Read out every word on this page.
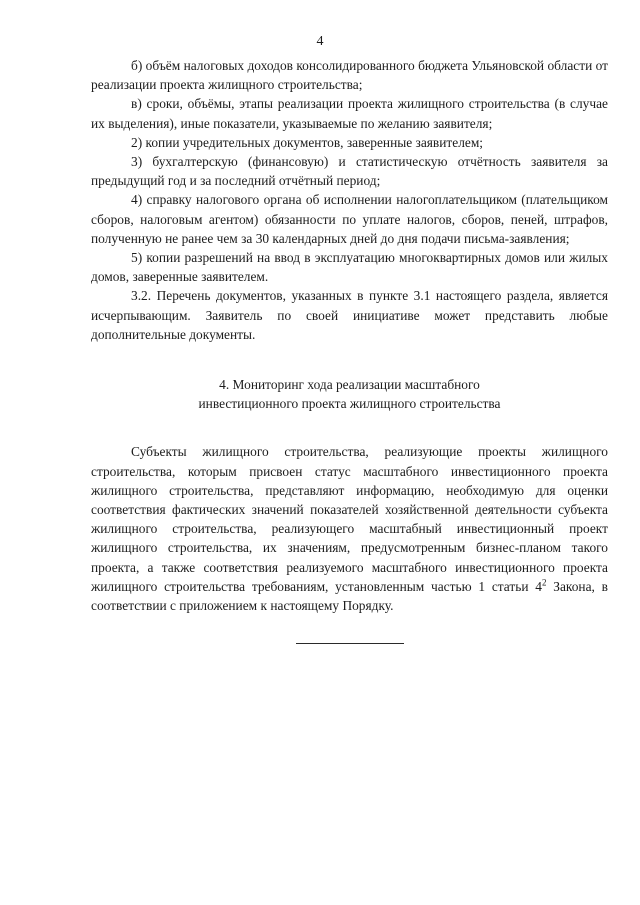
4

б) объём налоговых доходов консолидированного бюджета Ульяновской области от реализации проекта жилищного строительства;

в) сроки, объёмы, этапы реализации проекта жилищного строительства (в случае их выделения), иные показатели, указываемые по желанию заявителя;

2) копии учредительных документов, заверенные заявителем;

3) бухгалтерскую (финансовую) и статистическую отчётность заявителя за предыдущий год и за последний отчётный период;

4) справку налогового органа об исполнении налогоплательщиком (плательщиком сборов, налоговым агентом) обязанности по уплате налогов, сборов, пеней, штрафов, полученную не ранее чем за 30 календарных дней до дня подачи письма-заявления;

5) копии разрешений на ввод в эксплуатацию многоквартирных домов или жилых домов, заверенные заявителем.

3.2. Перечень документов, указанных в пункте 3.1 настоящего раздела, является исчерпывающим. Заявитель по своей инициативе может представить любые дополнительные документы.

4. Мониторинг хода реализации масштабного
инвестиционного проекта жилищного строительства

Субъекты жилищного строительства, реализующие проекты жилищного строительства, которым присвоен статус масштабного инвестиционного проекта жилищного строительства, представляют информацию, необходимую для оценки соответствия фактических значений показателей хозяйственной деятельности субъекта жилищного строительства, реализующего масштабный инвестиционный проект жилищного строительства, их значениям, предусмотренным бизнес-планом такого проекта, а также соответствия реализуемого масштабного инвестиционного проекта жилищного строительства требованиям, установленным частью 1 статьи $4^2$ Закона, в соответствии с приложением к настоящему Порядку.
